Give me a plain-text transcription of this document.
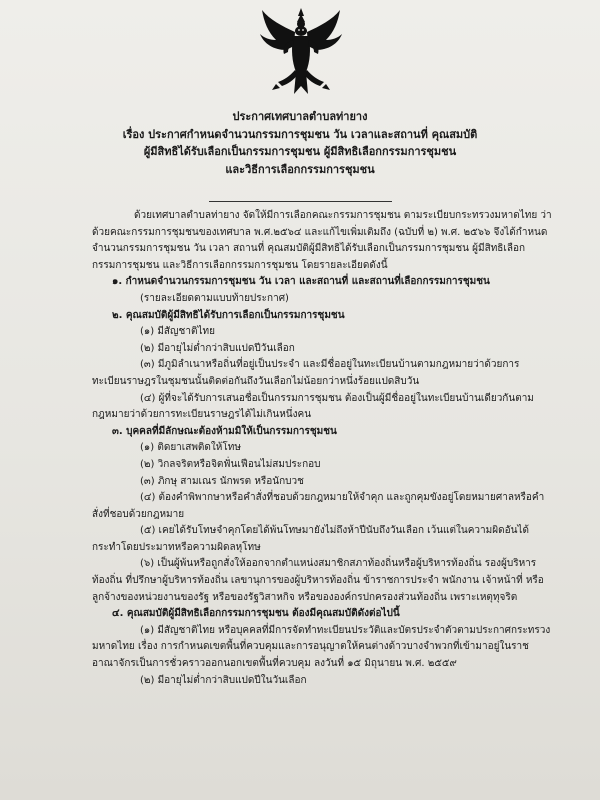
ประกาศเทศบาลตำบลท่ายาง
เรื่อง ประกาศกำหนดจำนวนกรรมการชุมชน วัน เวลาและสถานที่ คุณสมบัติ
ผู้มีสิทธิได้รับเลือกเป็นกรรมการชุมชน ผู้มีสิทธิเลือกกรรมการชุมชน
และวิธีการเลือกกรรมการชุมชน

ด้วยเทศบาลตำบลท่ายาง จัดให้มีการเลือกคณะกรรมการชุมชน ตามระเบียบกระทรวงมหาดไทย ว่าด้วยคณะกรรมการชุมชนของเทศบาล พ.ศ.๒๕๖๔ และแก้ไขเพิ่มเติมถึง (ฉบับที่ ๒) พ.ศ. ๒๕๖๖ จึงได้กำหนดจำนวนกรรมการชุมชน วัน เวลา สถานที่ คุณสมบัติผู้มีสิทธิได้รับเลือกเป็นกรรมการชุมชน ผู้มีสิทธิเลือกกรรมการชุมชน และวิธีการเลือกกรรมการชุมชน โดยรายละเอียดดังนี้

๑. กำหนดจำนวนกรรมการชุมชน วัน เวลา และสถานที่ และสถานที่เลือกกรรมการชุมชน

(รายละเอียดตามแบบท้ายประกาศ)

๒. คุณสมบัติผู้มีสิทธิได้รับการเลือกเป็นกรรมการชุมชน

(๑) มีสัญชาติไทย

(๒) มีอายุไม่ต่ำกว่าสิบแปดปีวันเลือก

(๓) มีภูมิลำเนาหรือถิ่นที่อยู่เป็นประจำ และมีชื่ออยู่ในทะเบียนบ้านตามกฎหมายว่าด้วยการทะเบียนราษฎรในชุมชนนั้นติดต่อกันถึงวันเลือกไม่น้อยกว่าหนึ่งร้อยแปดสิบวัน

(๔) ผู้ที่จะได้รับการเสนอชื่อเป็นกรรมการชุมชน ต้องเป็นผู้มีชื่ออยู่ในทะเบียนบ้านเดียวกันตามกฎหมายว่าด้วยการทะเบียนราษฎรได้ไม่เกินหนึ่งคน

๓. บุคคลที่มีลักษณะต้องห้ามมิให้เป็นกรรมการชุมชน

(๑) ติดยาเสพติดให้โทษ

(๒) วิกลจริตหรือจิตฟั่นเฟือนไม่สมประกอบ

(๓) ภิกษุ สามเณร นักพรต หรือนักบวช

(๔) ต้องคำพิพากษาหรือคำสั่งที่ชอบด้วยกฎหมายให้จำคุก และถูกคุมขังอยู่โดยหมายศาลหรือคำสั่งที่ชอบด้วยกฎหมาย

(๕) เคยได้รับโทษจำคุกโดยได้พ้นโทษมายังไม่ถึงห้าปีนับถึงวันเลือก เว้นแต่ในความผิดอันได้กระทำโดยประมาทหรือความผิดลหุโทษ

(๖) เป็นผู้พ้นหรือถูกสั่งให้ออกจากตำแหน่งสมาชิกสภาท้องถิ่นหรือผู้บริหารท้องถิ่น รองผู้บริหารท้องถิ่น ที่ปรึกษาผู้บริหารท้องถิ่น เลขานุการของผู้บริหารท้องถิ่น ข้าราชการประจำ พนักงาน เจ้าหน้าที่ หรือลูกจ้างของหน่วยงานของรัฐ หรือของรัฐวิสาหกิจ หรือขององค์กรปกครองส่วนท้องถิ่น เพราะเหตุทุจริต

๔. คุณสมบัติผู้มีสิทธิเลือกกรรมการชุมชน ต้องมีคุณสมบัติดังต่อไปนี้

(๑) มีสัญชาติไทย หรือบุคคลที่มีการจัดทำทะเบียนประวัติและบัตรประจำตัวตามประกาศกระทรวงมหาดไทย เรื่อง การกำหนดเขตพื้นที่ควบคุมและการอนุญาตให้คนต่างด้าวบางจำพวกที่เข้ามาอยู่ในราชอาณาจักรเป็นการชั่วคราวออกนอกเขตพื้นที่ควบคุม ลงวันที่ ๑๕ มิถุนายน พ.ศ. ๒๕๕๙

(๒) มีอายุไม่ต่ำกว่าสิบแปดปีในวันเลือก
